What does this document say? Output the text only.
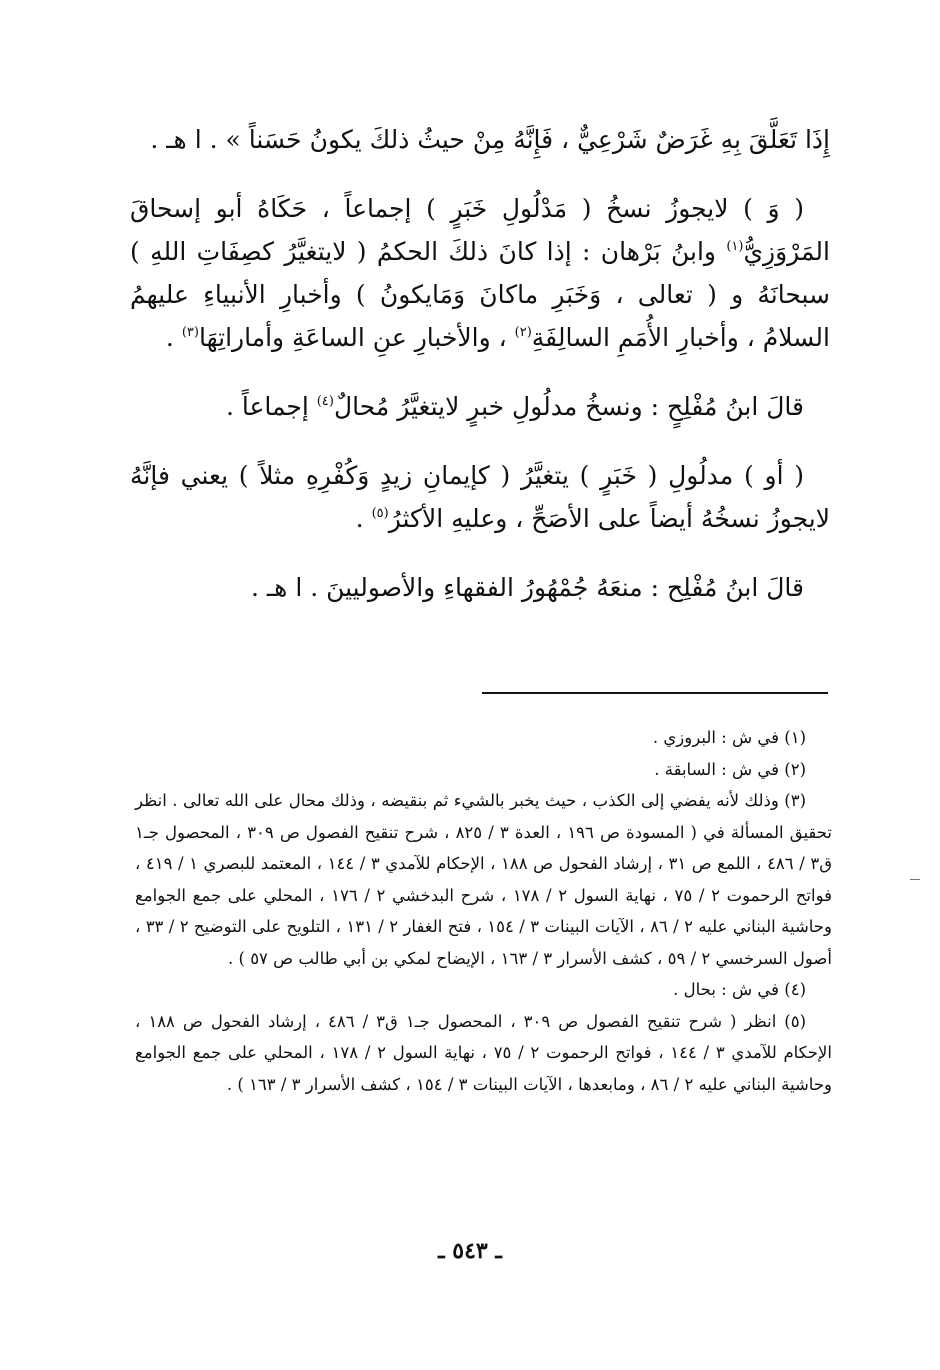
إِذَا تَعَلَّقَ بِهِ غَرَضٌ شَرْعِيٌّ ، فَإِنَّهُ مِنْ حيثُ ذلكَ يكونُ حَسَناً » . ا هـ .

( وَ ) لايجوزُ نسخُ ( مَدْلُولِ خَبَرٍ ) إجماعاً ، حَكَاهُ أبو إسحاقَ المَرْوَزِيُّ$^{(١)}$ وابنُ بَرْهان : إذا كانَ ذلكَ الحكمُ ( لايتغيَّرُ كصِفَاتِ اللهِ ) سبحانَهُ و ( تعالى ، وَخَبَرِ ماكانَ وَمَايكونُ ) وأخبارِ الأنبياءِ عليهمُ السلامُ ، وأخبارِ الأُمَمِ السالِفَةِ$^{(٢)}$ ، والأخبارِ عنِ الساعَةِ وأماراتِهَا$^{(٣)}$ .

قالَ ابنُ مُفْلِحٍ : ونسخُ مدلُولِ خبرٍ لايتغيَّرُ مُحالٌ$^{(٤)}$ إجماعاً .

( أو ) مدلُولِ ( خَبَرٍ ) يتغيَّرُ ( كإيمانِ زيدٍ وَكُفْرِهِ مثلاً ) يعني فإنَّهُ لايجوزُ نسخُهُ أيضاً على الأصَحِّ ، وعليهِ الأكثرُ$^{(٥)}$ .

قالَ ابنُ مُفْلِح : منعَهُ جُمْهُورُ الفقهاءِ والأصوليينَ . ا هـ .

(١) في ش : البروزي .

(٢) في ش : السابقة .

(٣) وذلك لأنه يفضي إلى الكذب ، حيث يخبر بالشيء ثم بنقيضه ، وذلك محال على الله تعالى . انظر تحقيق المسألة في ( المسودة ص ١٩٦ ، العدة ٣ / ٨٢٥ ، شرح تنقيح الفصول ص ٣٠٩ ، المحصول جـ١ ق٣ / ٤٨٦ ، اللمع ص ٣١ ، إرشاد الفحول ص ١٨٨ ، الإحكام للآمدي ٣ / ١٤٤ ، المعتمد للبصري ١ / ٤١٩ ، فواتح الرحموت ٢ / ٧٥ ، نهاية السول ٢ / ١٧٨ ، شرح البدخشي ٢ / ١٧٦ ، المحلي على جمع الجوامع وحاشية البناني عليه ٢ / ٨٦ ، الآيات البينات ٣ / ١٥٤ ، فتح الغفار ٢ / ١٣١ ، التلويح على التوضيح ٢ / ٣٣ ، أصول السرخسي ٢ / ٥٩ ، كشف الأسرار ٣ / ١٦٣ ، الإيضاح لمكي بن أبي طالب ص ٥٧ ) .

(٤) في ش : بحال .

(٥) انظر ( شرح تنقيح الفصول ص ٣٠٩ ، المحصول جـ١ ق٣ / ٤٨٦ ، إرشاد الفحول ص ١٨٨ ، الإحكام للآمدي ٣ / ١٤٤ ، فواتح الرحموت ٢ / ٧٥ ، نهاية السول ٢ / ١٧٨ ، المحلي على جمع الجوامع وحاشية البناني عليه ٢ / ٨٦ ، ومابعدها ، الآيات البينات ٣ / ١٥٤ ، كشف الأسرار ٣ / ١٦٣ ) .

ـ ٥٤٣ ـ
